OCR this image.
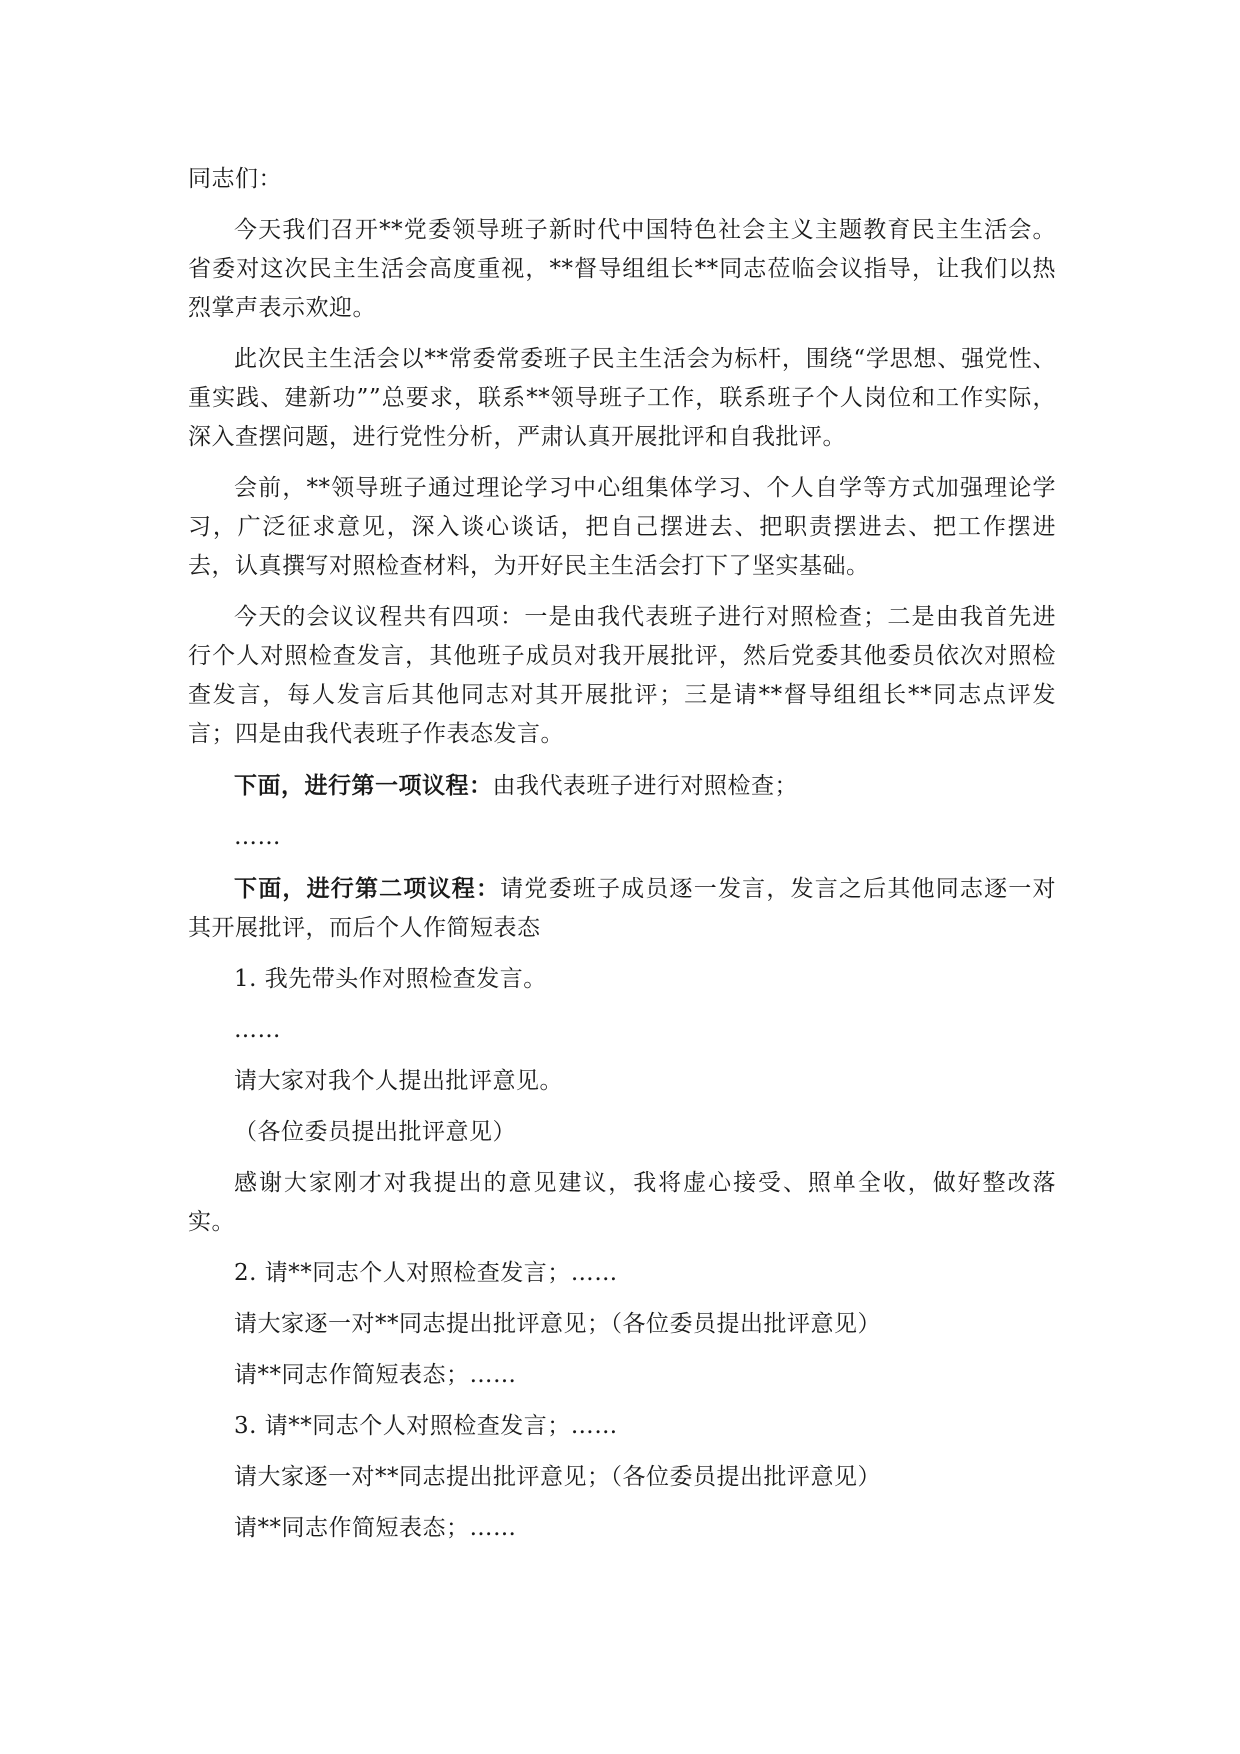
同志们：

今天我们召开**党委领导班子新时代中国特色社会主义主题教育民主生活会。省委对这次民主生活会高度重视，**督导组组长**同志莅临会议指导，让我们以热烈掌声表示欢迎。

此次民主生活会以**常委常委班子民主生活会为标杆，围绕“学思想、强党性、重实践、建新功””总要求，联系**领导班子工作，联系班子个人岗位和工作实际，深入查摆问题，进行党性分析，严肃认真开展批评和自我批评。

会前，**领导班子通过理论学习中心组集体学习、个人自学等方式加强理论学习，广泛征求意见，深入谈心谈话，把自己摆进去、把职责摆进去、把工作摆进去，认真撰写对照检查材料，为开好民主生活会打下了坚实基础。

今天的会议议程共有四项：一是由我代表班子进行对照检查；二是由我首先进行个人对照检查发言，其他班子成员对我开展批评，然后党委其他委员依次对照检查发言，每人发言后其他同志对其开展批评；三是请**督导组组长**同志点评发言；四是由我代表班子作表态发言。

下面，进行第一项议程：由我代表班子进行对照检查；

……

下面，进行第二项议程：请党委班子成员逐一发言，发言之后其他同志逐一对其开展批评，而后个人作简短表态

1. 我先带头作对照检查发言。

……

请大家对我个人提出批评意见。

（各位委员提出批评意见）

感谢大家刚才对我提出的意见建议，我将虚心接受、照单全收，做好整改落实。

2. 请**同志个人对照检查发言；……

请大家逐一对**同志提出批评意见；（各位委员提出批评意见）

请**同志作简短表态；……

3. 请**同志个人对照检查发言；……

请大家逐一对**同志提出批评意见；（各位委员提出批评意见）

请**同志作简短表态；……
